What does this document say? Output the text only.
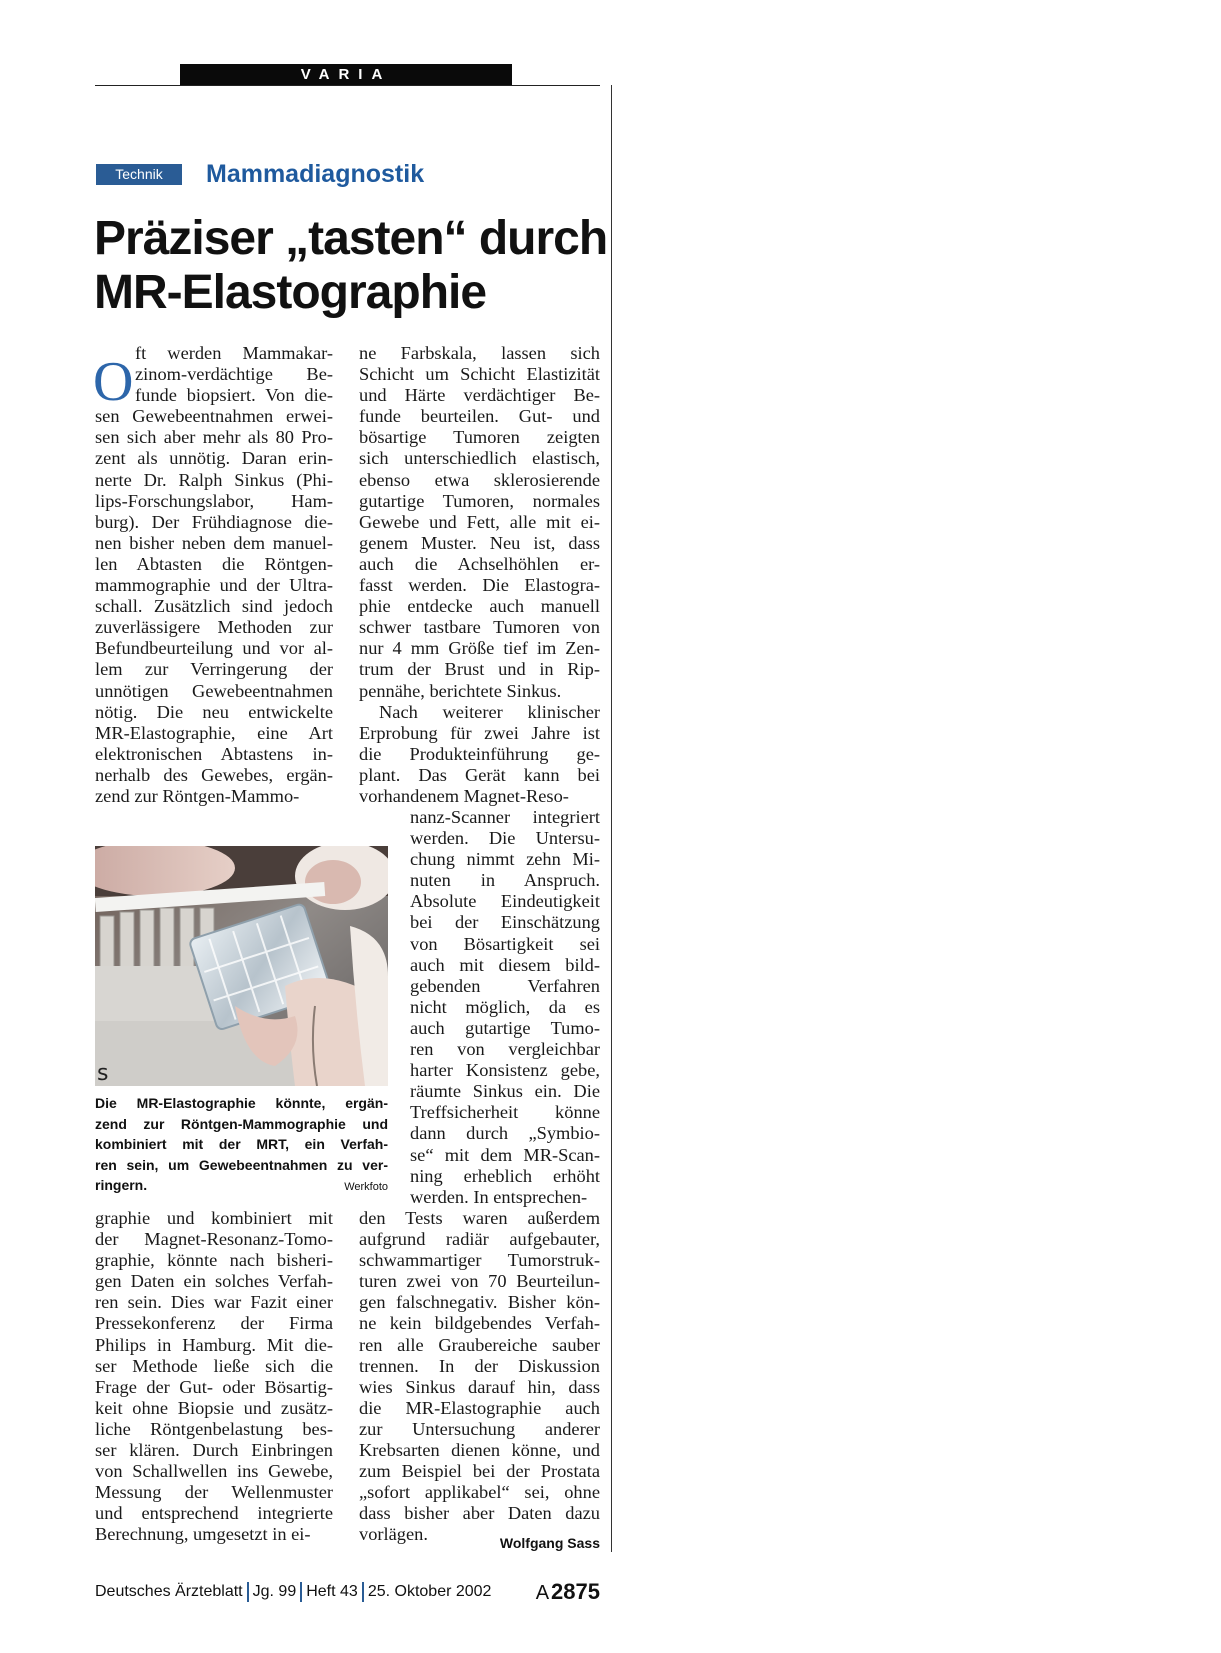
VARIA
Technik	Mammadiagnostik
Präziser „tasten“ durch
MR-Elastographie
O ft werden Mammakar-
zinom-verdächtige Be-
funde biopsiert. Von die-
sen Gewebeentnahmen erwei-
sen sich aber mehr als 80 Pro-
zent als unnötig. Daran erin-
nerte Dr. Ralph Sinkus (Phi-
lips-Forschungslabor, Ham-
burg). Der Frühdiagnose die-
nen bisher neben dem manuel-
len Abtasten die Röntgen-
mammographie und der Ultra-
schall. Zusätzlich sind jedoch
zuverlässigere Methoden zur
Befundbeurteilung und vor al-
lem zur Verringerung der
unnötigen Gewebeentnahmen
nötig. Die neu entwickelte
MR-Elastographie, eine Art
elektronischen Abtastens in-
nerhalb des Gewebes, ergän-
zend zur Röntgen-Mammo-
s
Die MR-Elastographie könnte, ergän-
zend zur Röntgen-Mammographie und
kombiniert mit der MRT, ein Verfah-
ren sein, um Gewebeentnahmen zu ver-
ringern.	Werkfoto
graphie und kombiniert mit
der Magnet-Resonanz-Tomo-
graphie, könnte nach bisheri-
gen Daten ein solches Verfah-
ren sein. Dies war Fazit einer
Pressekonferenz der Firma
Philips in Hamburg. Mit die-
ser Methode ließe sich die
Frage der Gut- oder Bösartig-
keit ohne Biopsie und zusätz-
liche Röntgenbelastung bes-
ser klären. Durch Einbringen
von Schallwellen ins Gewebe,
Messung der Wellenmuster
und entsprechend integrierte
Berechnung, umgesetzt in ei-
ne Farbskala, lassen sich
Schicht um Schicht Elastizität
und Härte verdächtiger Be-
funde beurteilen. Gut- und
bösartige Tumoren zeigten
sich unterschiedlich elastisch,
ebenso etwa sklerosierende
gutartige Tumoren, normales
Gewebe und Fett, alle mit ei-
genem Muster. Neu ist, dass
auch die Achselhöhlen er-
fasst werden. Die Elastogra-
phie entdecke auch manuell
schwer tastbare Tumoren von
nur 4 mm Größe tief im Zen-
trum der Brust und in Rip-
pennähe, berichtete Sinkus.
Nach weiterer klinischer
Erprobung für zwei Jahre ist
die Produkteinführung ge-
plant. Das Gerät kann bei
vorhandenem Magnet-Reso-
nanz-Scanner integriert
werden. Die Untersu-
chung nimmt zehn Mi-
nuten in Anspruch.
Absolute Eindeutigkeit
bei der Einschätzung
von Bösartigkeit sei
auch mit diesem bild-
gebenden Verfahren
nicht möglich, da es
auch gutartige Tumo-
ren von vergleichbar
harter Konsistenz gebe,
räumte Sinkus ein. Die
Treffsicherheit könne
dann durch „Symbio-
se“ mit dem MR-Scan-
ning erheblich erhöht
werden. In entsprechen-
den Tests waren außerdem
aufgrund radiär aufgebauter,
schwammartiger Tumorstruk-
turen zwei von 70 Beurteilun-
gen falschnegativ. Bisher kön-
ne kein bildgebendes Verfah-
ren alle Graubereiche sauber
trennen. In der Diskussion
wies Sinkus darauf hin, dass
die MR-Elastographie auch
zur Untersuchung anderer
Krebsarten dienen könne, und
zum Beispiel bei der Prostata
„sofort applikabel“ sei, ohne
dass bisher aber Daten dazu
vorlägen.	Wolfgang Sass
Deutsches Ärzteblatt Jg. 99 Heft 43 25. Oktober 2002 A2875
